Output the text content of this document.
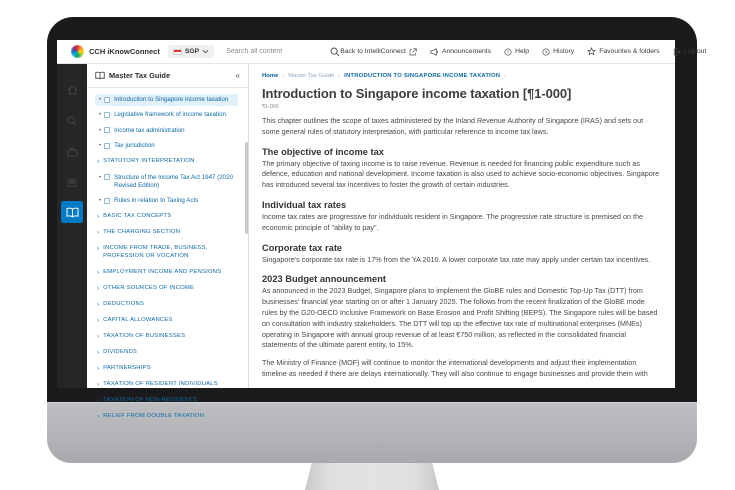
CCH iKnowConnect	SGP
Search all content	Back to IntelliConnect	Announcements ? Help	History	Favourites & folders	Log out
Master Tax Guide	«
• Introduction to Singapore income taxation
• Legislative framework of income taxation
• Income tax administration
• Tax jurisdiction
› STATUTORY INTERPRETATION
• Structure of the Income Tax Act 1947 (2020 Revised Edition)
• Rules in relation to Taxing Acts
› BASIC TAX CONCEPTS
› THE CHARGING SECTION
› INCOME FROM TRADE, BUSINESS, PROFESSION OR VOCATION
› EMPLOYMENT INCOME AND PENSIONS
› OTHER SOURCES OF INCOME
› DEDUCTIONS
› CAPITAL ALLOWANCES
› TAXATION OF BUSINESSES
› DIVIDENDS
› PARTNERSHIPS
› TAXATION OF RESIDENT INDIVIDUALS
› TAXATION OF NON-RESIDENTS
› RELIEF FROM DOUBLE TAXATION
Home › Master Tax Guide › INTRODUCTION TO SINGAPORE INCOME TAXATION ›
Introduction to Singapore income taxation [¶1-000]
¶1-000

This chapter outlines the scope of taxes administered by the Inland Revenue Authority of Singapore (IRAS) and sets out some general rules of statutory interpretation, with particular reference to income tax laws.

The objective of income tax

The primary objective of taxing income is to raise revenue. Revenue is needed for financing public expenditure such as defence, education and national development. Income taxation is also used to achieve socio-economic objectives. Singapore has introduced several tax incentives to foster the growth of certain industries.

Individual tax rates

Income tax rates are progressive for individuals resident in Singapore. The progressive rate structure is premised on the economic principle of "ability to pay".

Corporate tax rate

Singapore's corporate tax rate is 17% from the YA 2010. A lower corporate tax rate may apply under certain tax incentives.

2023 Budget announcement

As announced in the 2023 Budget, Singapore plans to implement the GloBE rules and Domestic Top-Up Tax (DTT) from businesses' financial year starting on or after 1 January 2025. The follows from the recent finalization of the GloBE mode rules by the G20-OECD Inclusive Framework on Base Erosion and Profit Shifting (BEPS). The Singapore rules will be based on consultation with industry stakeholders. The DTT will top up the effective tax rate of multinational enterprises (MNEs) operating in Singapore with annual group revenue of at least €750 million, as reflected in the consolidated financial statements of the ultimate parent entity, to 15%.

The Ministry of Finance (MOF) will continue to monitor the international developments and adjust their implementation timeline as needed if there are delays internationally. They will also continue to engage businesses and provide them with
